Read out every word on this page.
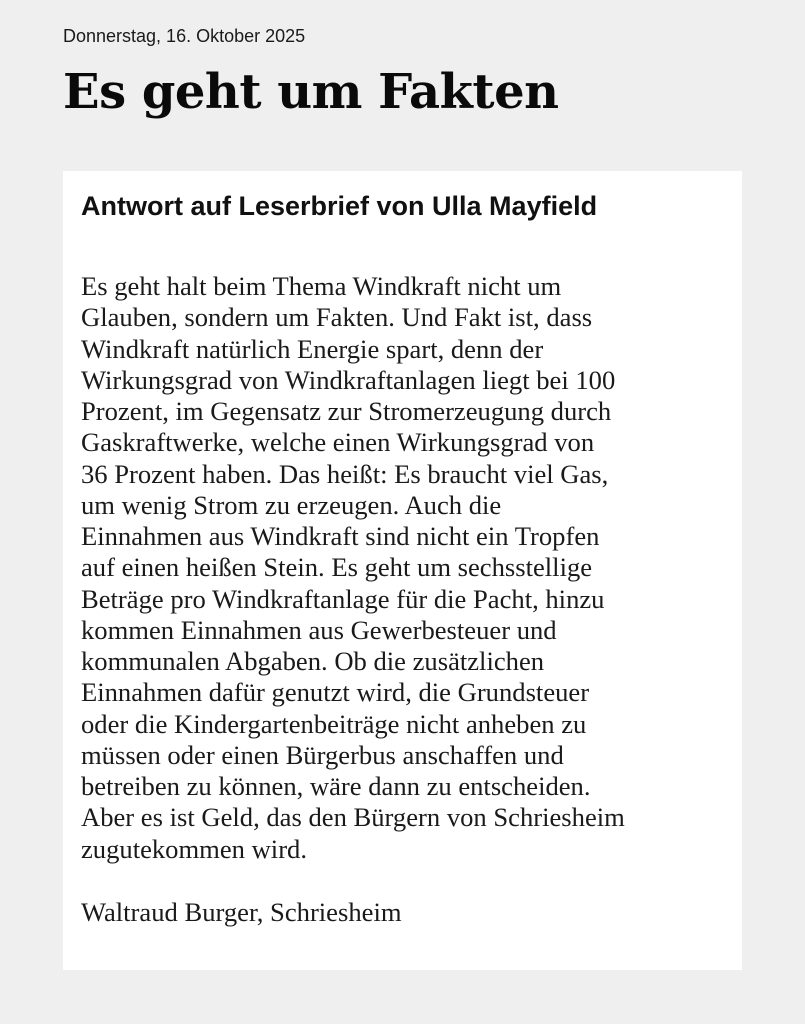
Donnerstag, 16. Oktober 2025
Es geht um Fakten
Antwort auf Leserbrief von Ulla Mayfield

Es geht halt beim Thema Windkraft nicht um
Glauben, sondern um Fakten. Und Fakt ist, dass
Windkraft natürlich Energie spart, denn der
Wirkungsgrad von Windkraftanlagen liegt bei 100
Prozent, im Gegensatz zur Stromerzeugung durch
Gaskraftwerke, welche einen Wirkungsgrad von
36 Prozent haben. Das heißt: Es braucht viel Gas,
um wenig Strom zu erzeugen. Auch die
Einnahmen aus Windkraft sind nicht ein Tropfen
auf einen heißen Stein. Es geht um sechsstellige
Beträge pro Windkraftanlage für die Pacht, hinzu
kommen Einnahmen aus Gewerbesteuer und
kommunalen Abgaben. Ob die zusätzlichen
Einnahmen dafür genutzt wird, die Grundsteuer
oder die Kindergartenbeiträge nicht anheben zu
müssen oder einen Bürgerbus anschaffen und
betreiben zu können, wäre dann zu entscheiden.
Aber es ist Geld, das den Bürgern von Schriesheim
zugutekommen wird.

Waltraud Burger, Schriesheim
